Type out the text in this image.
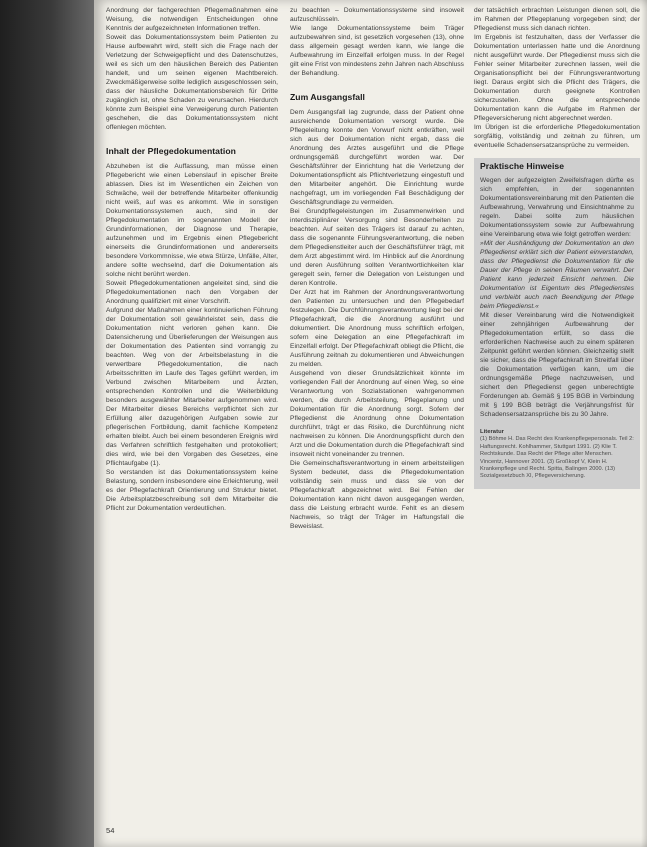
Anordnung der fachgerechten Pflegemaßnahmen eine Weisung, die notwendigen Entscheidungen ohne Kenntnis der aufgezeichneten Informationen treffen.

Soweit das Dokumentationssystem beim Patienten zu Hause aufbewahrt wird, stellt sich die Frage nach der Verletzung der Schweigepflicht und des Datenschutzes, weil es sich um den häuslichen Bereich des Patienten handelt, und um seinen eigenen Machtbereich. Zweckmäßigerweise sollte lediglich ausgeschlossen sein, dass der häusliche Dokumentationsbereich für Dritte zugänglich ist, ohne Schaden zu verursachen. Hierdurch könnte zum Beispiel eine Verweigerung durch Patienten geschehen, die das Dokumentationssystem nicht offenlegen möchten.

Inhalt der Pflegedokumentation

Abzuheben ist die Auffassung, man müsse einen Pflegebericht wie einen Lebenslauf in epischer Breite ablassen. Dies ist im Wesentlichen ein Zeichen von Schwäche, weil der betreffende Mitarbeiter offenkundig nicht weiß, auf was es ankommt. Wie in sonstigen Dokumentationssystemen auch, sind in der Pflegedokumentation im sogenannten Modell der Grundinformationen, der Diagnose und Therapie, aufzunehmen und im Ergebnis einen Pflegebericht einerseits die Grundinformationen und andererseits besondere Vorkommnisse, wie etwa Stürze, Unfälle, Alter, andere sollte wechselnd, darf die Dokumentation als solche nicht berührt werden.

Soweit Pflegedokumentationen angeleitet sind, sind die Pflegedokumentationen nach den Vorgaben der Anordnung qualifiziert mit einer Vorschrift.

Aufgrund der Maßnahmen einer kontinuierlichen Führung der Dokumentation soll gewährleistet sein, dass die Dokumentation nicht verloren gehen kann. Die Datensicherung und Überlieferungen der Weisungen aus der Dokumentation des Patienten sind vorrangig zu beachten. Weg von der Arbeitsbelastung in die verwertbare Pflegedokumentation, die nach Arbeitsschritten im Laufe des Tages geführt werden, im Verbund zwischen Mitarbeitern und Ärzten, entsprechenden Kontrollen und die Weiterbildung besonders ausgewählter Mitarbeiter aufgenommen wird. Der Mitarbeiter dieses Bereichs verpflichtet sich zur Erfüllung aller dazugehörigen Aufgaben sowie zur pflegerischen Fortbildung, damit fachliche Kompetenz erhalten bleibt. Auch bei einem besonderen Ereignis wird das Verfahren schriftlich festgehalten und protokolliert; dies wird, wie bei den Vorgaben des Gesetzes, eine Pflichtaufgabe (1).

So verstanden ist das Dokumentationssystem keine Belastung, sondern insbesondere eine Erleichterung, weil es der Pflegefachkraft Orientierung und Struktur bietet. Die Arbeitsplatzbeschreibung soll dem Mitarbeiter die Pflicht zur Dokumentation verdeutlichen.

zu beachten – Dokumentationssysteme sind insoweit aufzuschlüsseln.

Wie lange Dokumentationssysteme beim Träger aufzubewahren sind, ist gesetzlich vorgesehen (13), ohne dass allgemein gesagt werden kann, wie lange die Aufbewahrung im Einzelfall erfolgen muss. In der Regel gilt eine Frist von mindestens zehn Jahren nach Abschluss der Behandlung.

Zum Ausgangsfall

Dem Ausgangsfall lag zugrunde, dass der Patient ohne ausreichende Dokumentation versorgt wurde. Die Pflegeleitung konnte den Vorwurf nicht entkräften, weil sich aus der Dokumentation nicht ergab, dass die Anordnung des Arztes ausgeführt und die Pflege ordnungsgemäß durchgeführt worden war. Der Geschäftsführer der Einrichtung hat die Verletzung der Dokumentationspflicht als Pflichtverletzung eingestuft und den Mitarbeiter angehört. Die Einrichtung wurde nachgefragt, um im vorliegenden Fall Beschädigung der Geschäftsgrundlage zu vermeiden.

Bei Grundpflegeleistungen im Zusammenwirken und interdisziplinärer Versorgung sind Besonderheiten zu beachten. Auf seiten des Trägers ist darauf zu achten, dass die sogenannte Führungsverantwortung, die neben dem Pflegedienstleiter auch der Geschäftsführer trägt, mit dem Arzt abgestimmt wird. Im Hinblick auf die Anordnung und deren Ausführung sollten Verantwortlichkeiten klar geregelt sein, ferner die Delegation von Leistungen und deren Kontrolle.

Der Arzt hat im Rahmen der Anordnungsverantwortung den Patienten zu untersuchen und den Pflegebedarf festzulegen. Die Durchführungsverantwortung liegt bei der Pflegefachkraft, die die Anordnung ausführt und dokumentiert. Die Anordnung muss schriftlich erfolgen, sofern eine Delegation an eine Pflegefachkraft im Einzelfall erfolgt. Der Pflegefachkraft obliegt die Pflicht, die Ausführung zeitnah zu dokumentieren und Abweichungen zu melden.

Ausgehend von dieser Grundsätzlichkeit könnte im vorliegenden Fall der Anordnung auf einen Weg, so eine Verantwortung von Sozialstationen wahrgenommen werden, die durch Arbeitsteilung, Pflegeplanung und Dokumentation für die Anordnung sorgt. Sofern der Pflegedienst die Anordnung ohne Dokumentation durchführt, trägt er das Risiko, die Durchführung nicht nachweisen zu können. Die Anordnungspflicht durch den Arzt und die Dokumentation durch die Pflegefachkraft sind insoweit nicht voneinander zu trennen.

Die Gemeinschaftsverantwortung in einem arbeitsteiligen System bedeutet, dass die Pflegedokumentation vollständig sein muss und dass sie von der Pflegefachkraft abgezeichnet wird. Bei Fehlen der Dokumentation kann nicht davon ausgegangen werden, dass die Leistung erbracht wurde. Fehlt es an diesem Nachweis, so trägt der Träger im Haftungsfall die Beweislast.

der tatsächlich erbrachten Leistungen dienen soll, die im Rahmen der Pflegeplanung vorgegeben sind; der Pflegedienst muss sich danach richten.

Im Ergebnis ist festzuhalten, dass der Verfasser die Dokumentation unterlassen hatte und die Anordnung nicht ausgeführt wurde. Der Pflegedienst muss sich die Fehler seiner Mitarbeiter zurechnen lassen, weil die Organisationspflicht bei der Führungsverantwortung liegt. Daraus ergibt sich die Pflicht des Trägers, die Dokumentation durch geeignete Kontrollen sicherzustellen. Ohne die entsprechende Dokumentation kann die Aufgabe im Rahmen der Pflegeversicherung nicht abgerechnet werden.

Im Übrigen ist die erforderliche Pflegedokumentation sorgfältig, vollständig und zeitnah zu führen, um eventuelle Schadensersatzansprüche zu vermeiden.

Praktische Hinweise

Wegen der aufgezeigten Zweifelsfragen dürfte es sich empfehlen, in der sogenannten Dokumentationsvereinbarung mit den Patienten die Aufbewahrung, Verwahrung und Einsichtnahme zu regeln. Dabei sollte zum häuslichen Dokumentationssystem sowie zur Aufbewahrung eine Vereinbarung etwa wie folgt getroffen werden:

»Mit der Aushändigung der Dokumentation an den Pflegedienst erklärt sich der Patient einverstanden, dass der Pflegedienst die Dokumentation für die Dauer der Pflege in seinen Räumen verwahrt. Der Patient kann jederzeit Einsicht nehmen. Die Dokumentation ist Eigentum des Pflegedienstes und verbleibt auch nach Beendigung der Pflege beim Pflegedienst.«

Mit dieser Vereinbarung wird die Notwendigkeit einer zehnjährigen Aufbewahrung der Pflegedokumentation erfüllt, so dass die erforderlichen Nachweise auch zu einem späteren Zeitpunkt geführt werden können. Gleichzeitig stellt sie sicher, dass die Pflegefachkraft im Streitfall über die Dokumentation verfügen kann, um die ordnungsgemäße Pflege nachzuweisen, und sichert den Pflegedienst gegen unberechtigte Forderungen ab. Gemäß § 195 BGB in Verbindung mit § 199 BGB beträgt die Verjährungsfrist für Schadensersatzansprüche bis zu 30 Jahre.

Literatur
(1) Böhme H. Das Recht des Krankenpflegepersonals. Teil 2: Haftungsrecht. Kohlhammer, Stuttgart 1991. (2) Klie T. Rechtskunde. Das Recht der Pflege alter Menschen. Vincentz, Hannover 2001. (3) Großkopf V, Klein H. Krankenpflege und Recht. Spitta, Balingen 2000. (13) Sozialgesetzbuch XI, Pflegeversicherung.
54
